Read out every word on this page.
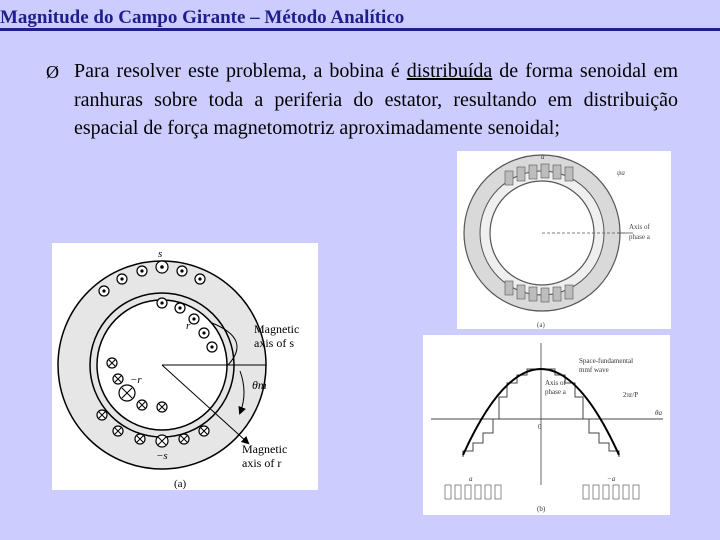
Magnitude do Campo Girante – Método Analítico
Ø Para resolver este problema, a bobina é distribuída de forma senoidal em ranhuras sobre toda a periferia do estator, resultando em distribuição espacial de força magnetomotriz aproximadamente senoidal;
s
r
−r
−s
Magnetic
axis of s
θm
Magnetic
axis of r
(a)
a
ψa
Axis of
phase a
(a)
Space-fundamental
mmf wave
Axis of
phase a	2πr/P
θa
0
a	−a
(b)
